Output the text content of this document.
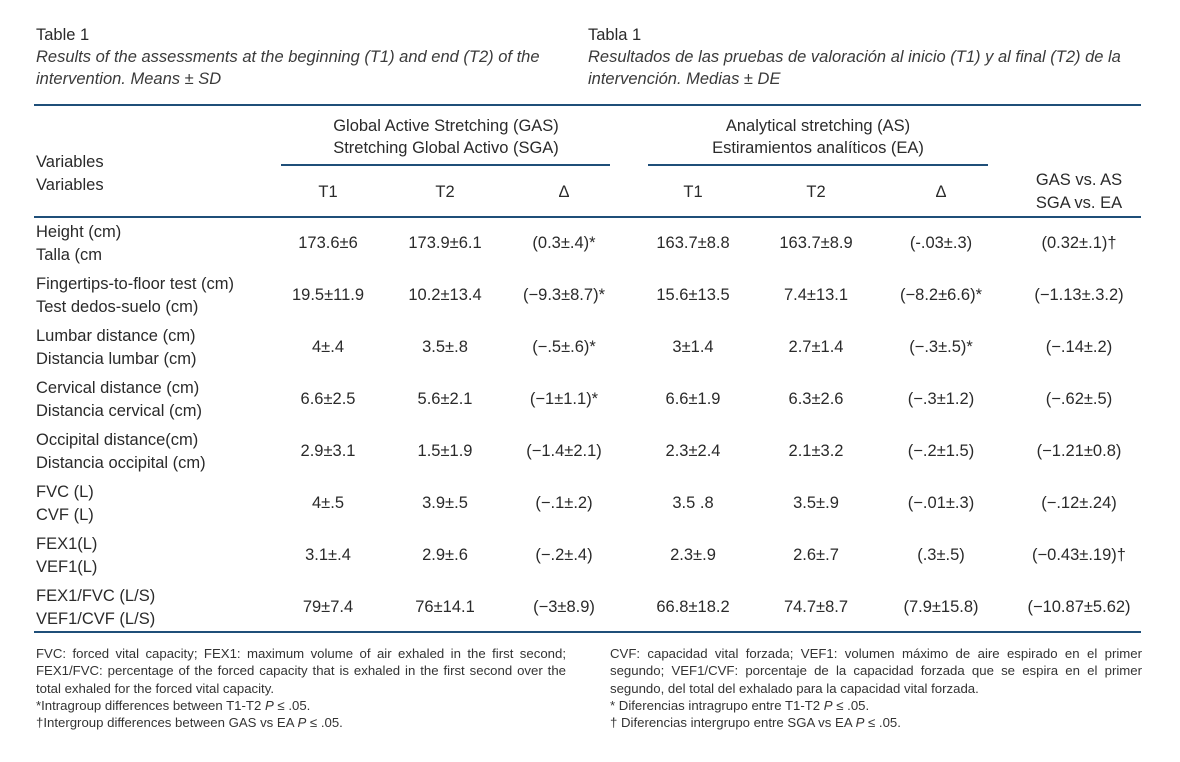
Table 1
Results of the assessments at the beginning (T1) and end (T2) of the intervention. Means ± SD
Tabla 1
Resultados de las pruebas de valoración al inicio (T1) y al final (T2) de la intervención. Medias ± DE
Variables
Variables
Global Active Stretching (GAS)
Stretching Global Activo (SGA)
Analytical stretching (AS)
Estiramientos analíticos (EA)
T1	T2	Δ	T1	T2	Δ
GAS vs. AS
SGA vs. EA
Height (cm)
Talla (cm
173.6±6	173.9±6.1	(0.3±.4)*	163.7±8.8	163.7±8.9	(-.03±.3)	(0.32±.1)†
Fingertips-to-floor test (cm)
Test dedos-suelo (cm)
19.5±11.9	10.2±13.4	(−9.3±8.7)*	15.6±13.5	7.4±13.1	(−8.2±6.6)*	(−1.13±.3.2)
Lumbar distance (cm)
Distancia lumbar (cm)
4±.4	3.5±.8	(−.5±.6)*	3±1.4	2.7±1.4	(−.3±.5)*	(−.14±.2)
Cervical distance (cm)
Distancia cervical (cm)
6.6±2.5	5.6±2.1	(−1±1.1)*	6.6±1.9	6.3±2.6	(−.3±1.2)	(−.62±.5)
Occipital distance(cm)
Distancia occipital (cm)
2.9±3.1	1.5±1.9	(−1.4±2.1)	2.3±2.4	2.1±3.2	(−.2±1.5)	(−1.21±0.8)
FVC (L)
CVF (L)
4±.5	3.9±.5	(−.1±.2)	3.5 .8	3.5±.9	(−.01±.3)	(−.12±.24)
FEX1(L)
VEF1(L)
3.1±.4	2.9±.6	(−.2±.4)	2.3±.9	2.6±.7	(.3±.5)	(−0.43±.19)†
FEX1/FVC (L/S)
VEF1/CVF (L/S)
79±7.4	76±14.1	(−3±8.9)	66.8±18.2	74.7±8.7	(7.9±15.8)	(−10.87±5.62)
FVC: forced vital capacity; FEX1: maximum volume of air exhaled in the first second; FEX1/FVC: percentage of the forced capacity that is exhaled in the first second over the total exhaled for the forced vital capacity.
*Intragroup differences between T1-T2 P ≤ .05.
†Intergroup differences between GAS vs EA P ≤ .05.
CVF: capacidad vital forzada; VEF1: volumen máximo de aire espirado en el primer segundo; VEF1/CVF: porcentaje de la capacidad forzada que se espira en el primer segundo, del total del exhalado para la capacidad vital forzada.
* Diferencias intragrupo entre T1-T2 P ≤ .05.
† Diferencias intergrupo entre SGA vs EA P ≤ .05.
